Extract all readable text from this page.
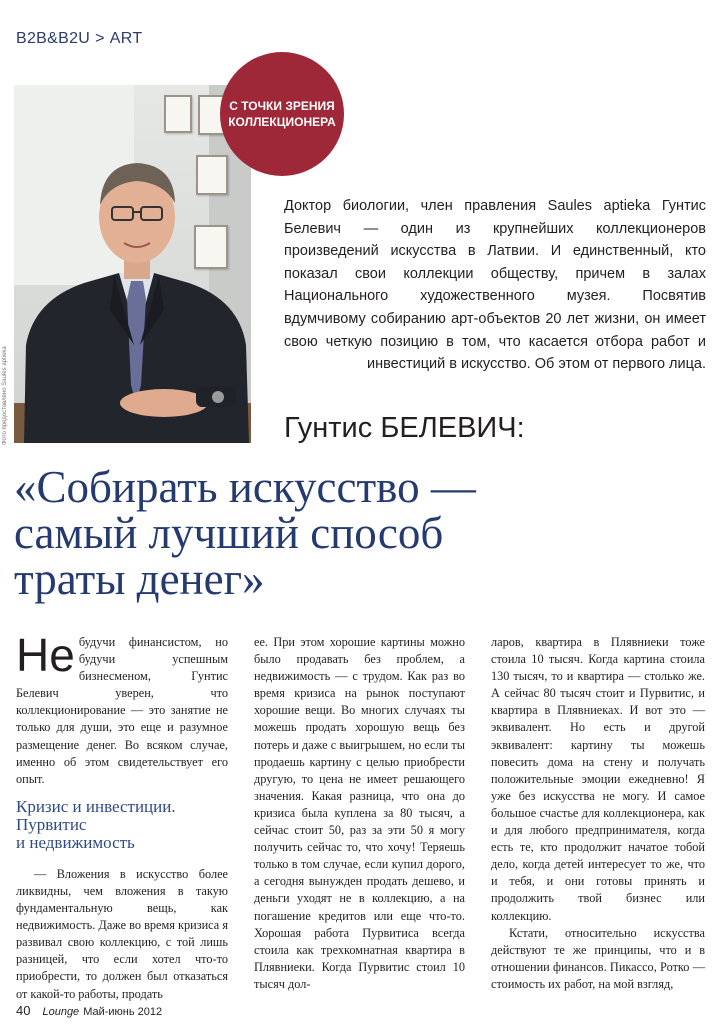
B2B&B2U > ART
Фото предоставлено Saules aptieka
С ТОЧКИ ЗРЕНИЯ КОЛЛЕКЦИОНЕРА
Доктор биологии, член правления Saules aptieka Гунтис Белевич — один из крупнейших коллекционеров произведений искусства в Латвии. И единственный, кто показал свои коллекции обществу, причем в залах Национального художественного музея. Посвятив вдумчивому собиранию арт-объектов 20 лет жизни, он имеет свою четкую позицию в том, что касается отбора работ и инвестиций в искусство. Об этом от первого лица.
Гунтис БЕЛЕВИЧ:
«Собирать искусство —
самый лучший способ
траты денег»

Не будучи финансистом, но будучи успешным бизнесменом, Гунтис Белевич уверен, что коллекционирование — это занятие не только для души, это еще и разумное размещение денег. Во всяком случае, именно об этом свидетельствует его опыт.

Кризис и инвестиции.
Пурвитис
и недвижимость

— Вложения в искусство более ликвидны, чем вложения в такую фундаментальную вещь, как недвижимость. Даже во время кризиса я развивал свою коллекцию, с той лишь разницей, что если хотел что-то приобрести, то должен был отказаться от какой-то работы, продать

ее. При этом хорошие картины можно было продавать без проблем, а недвижимость — с трудом. Как раз во время кризиса на рынок поступают хорошие вещи. Во многих случаях ты можешь продать хорошую вещь без потерь и даже с выигрышем, но если ты продаешь картину с целью приобрести другую, то цена не имеет решающего значения. Какая разница, что она до кризиса была куплена за 80 тысяч, а сейчас стоит 50, раз за эти 50 я могу получить сейчас то, что хочу! Теряешь только в том случае, если купил дорого, а сегодня вынужден продать дешево, и деньги уходят не в коллекцию, а на погашение кредитов или еще что-то. Хорошая работа Пурвитиса всегда стоила как трехкомнатная квартира в Плявниеки. Когда Пурвитис стоил 10 тысяч дол-

ларов, квартира в Плявниеки тоже стоила 10 тысяч. Когда картина стоила 130 тысяч, то и квартира — столько же. А сейчас 80 тысяч стоит и Пурвитис, и квартира в Плявниеках. И вот это — эквивалент. Но есть и другой эквивалент: картину ты можешь повесить дома на стену и получать положительные эмоции ежедневно! Я уже без искусства не могу. И самое большое счастье для коллекционера, как и для любого предпринимателя, когда есть те, кто продолжит начатое тобой дело, когда детей интересует то же, что и тебя, и они готовы принять и продолжить твой бизнес или коллекцию.

Кстати, относительно искусства действуют те же принципы, что и в отношении финансов. Пикассо, Ротко — стоимость их работ, на мой взгляд,

40 Lounge Май-июнь 2012
